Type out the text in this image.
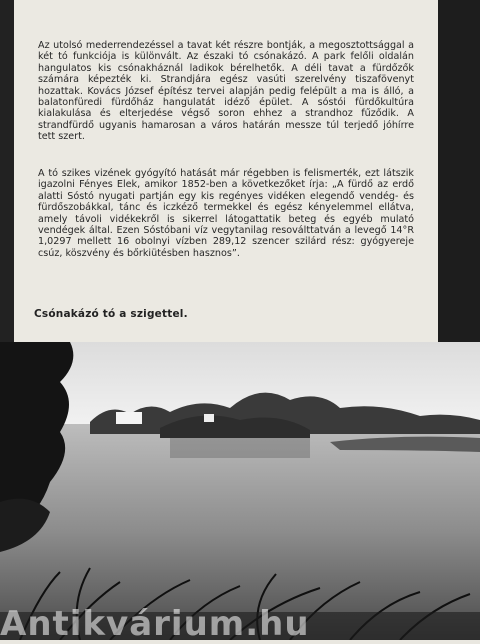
Az utolsó mederrendezéssel a tavat két részre bontják, a megosztottsággal a két tó funkciója is különvált. Az északi tó csónakázó. A park felőli oldalán hangulatos kis csónakháznál ladikok bérelhetők. A déli tavat a fürdőzők számára képezték ki. Strandjára egész vasúti szerelvény tiszafövenyt hozattak. Kovács József építész tervei alapján pedig felépült a ma is álló, a balatonfüredi fürdőház hangulatát idéző épület. A sóstói fürdőkultúra kialakulása és elterjedése végső soron ehhez a strandhoz fűződik. A strandfürdő ugyanis hamarosan a város határán messze túl terjedő jóhírre tett szert.

A tó szikes vizének gyógyító hatását már régebben is felismerték, ezt látszik igazolni Fényes Elek, amikor 1852-ben a következőket írja: „A fürdő az erdő alatti Sóstó nyugati partján egy kis regényes vidéken elegendő vendég- és fürdőszobákkal, tánc és iczkéző termekkel és egész kényelemmel ellátva, amely távoli vidékekről is sikerrel látogattatik beteg és egyéb mulató vendégek által. Ezen Sóstóbani víz vegytanilag resoválttatván a levegő 14°R 1,0297 mellett 16 obolnyi vízben 289,12 szencer szilárd rész: gyógyereje csúz, köszvény és bőrkiütésben hasznos”.

Csónakázó tó a szigettel.
Antikvárium.hu
